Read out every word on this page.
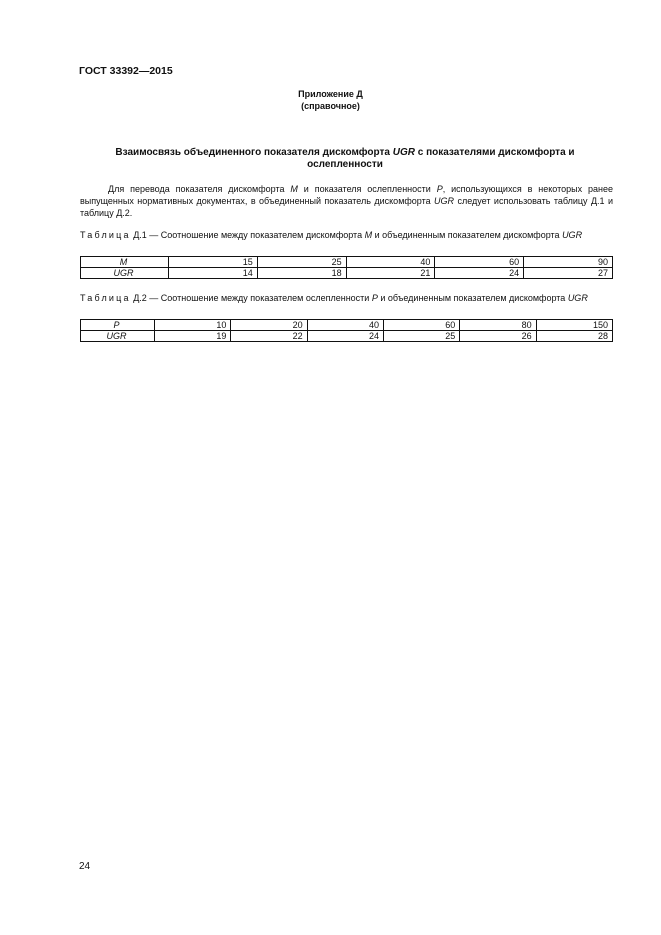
ГОСТ 33392—2015
Приложение Д
(справочное)
Взаимосвязь объединенного показателя дискомфорта UGR с показателями дискомфорта и ослепленности

Для перевода показателя дискомфорта M и показателя ослепленности P, использующихся в некоторых ранее выпущенных нормативных документах, в объединенный показатель дискомфорта UGR следует использовать таблицу Д.1 и таблицу Д.2.

Таблица Д.1 — Соотношение между показателем дискомфорта M и объединенным показателем дискомфорта UGR
M	15	25	40	60	90
UGR	14	18	21	24	27
Таблица Д.2 — Соотношение между показателем ослепленности P и объединенным показателем дискомфорта UGR
P	10	20	40	60	80	150
UGR	19	22	24	25	26	28
24
